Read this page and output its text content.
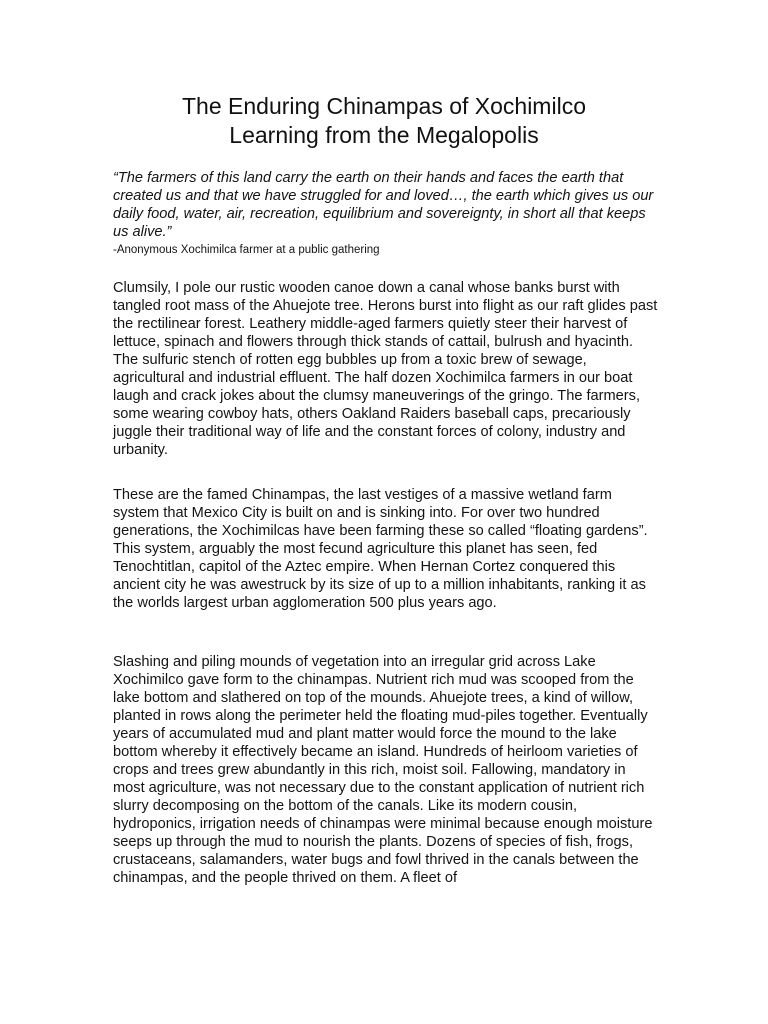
The Enduring Chinampas of Xochimilco
Learning from the Megalopolis

“The farmers of this land carry the earth on their hands and faces the earth that created us and that we have struggled for and loved…, the earth which gives us our daily food, water, air, recreation, equilibrium and sovereignty, in short all that keeps us alive.”

-Anonymous Xochimilca farmer at a public gathering

Clumsily, I pole our rustic wooden canoe down a canal whose banks burst with tangled root mass of the Ahuejote tree. Herons burst into flight as our raft glides past the rectilinear forest. Leathery middle-aged farmers quietly steer their harvest of lettuce, spinach and flowers through thick stands of cattail, bulrush and hyacinth. The sulfuric stench of rotten egg bubbles up from a toxic brew of sewage, agricultural and industrial effluent. The half dozen Xochimilca farmers in our boat laugh and crack jokes about the clumsy maneuverings of the gringo. The farmers, some wearing cowboy hats, others Oakland Raiders baseball caps, precariously juggle their traditional way of life and the constant forces of colony, industry and urbanity.

These are the famed Chinampas, the last vestiges of a massive wetland farm system that Mexico City is built on and is sinking into. For over two hundred generations, the Xochimilcas have been farming these so called “floating gardens”. This system, arguably the most fecund agriculture this planet has seen, fed Tenochtitlan, capitol of the Aztec empire. When Hernan Cortez conquered this ancient city he was awestruck by its size of up to a million inhabitants, ranking it as the worlds largest urban agglomeration 500 plus years ago.

Slashing and piling mounds of vegetation into an irregular grid across Lake Xochimilco gave form to the chinampas. Nutrient rich mud was scooped from the lake bottom and slathered on top of the mounds. Ahuejote trees, a kind of willow, planted in rows along the perimeter held the floating mud-piles together. Eventually years of accumulated mud and plant matter would force the mound to the lake bottom whereby it effectively became an island. Hundreds of heirloom varieties of crops and trees grew abundantly in this rich, moist soil. Fallowing, mandatory in most agriculture, was not necessary due to the constant application of nutrient rich slurry decomposing on the bottom of the canals. Like its modern cousin, hydroponics, irrigation needs of chinampas were minimal because enough moisture seeps up through the mud to nourish the plants. Dozens of species of fish, frogs, crustaceans, salamanders, water bugs and fowl thrived in the canals between the chinampas, and the people thrived on them. A fleet of
